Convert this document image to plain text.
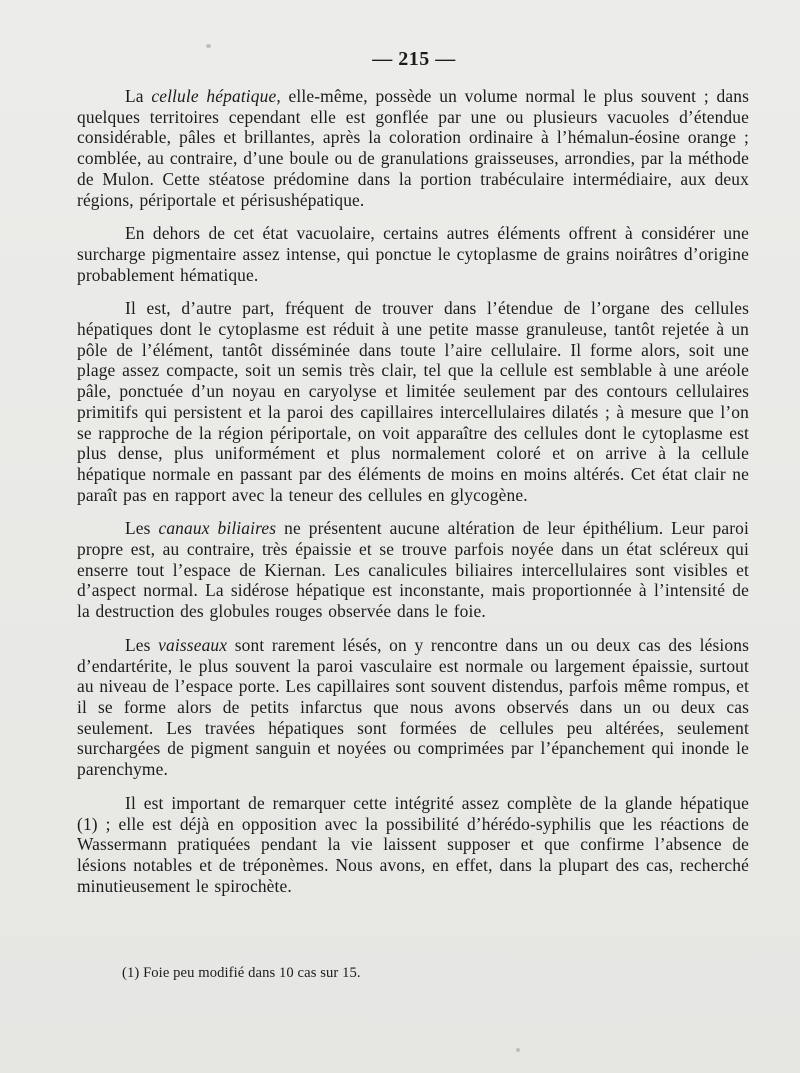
— 215 —

La cellule hépatique, elle-même, possède un volume normal le plus souvent ; dans quelques territoires cependant elle est gonflée par une ou plusieurs vacuoles d’étendue considérable, pâles et brillantes, après la coloration ordinaire à l’hémalun-éosine orange ; comblée, au contraire, d’une boule ou de granulations graisseuses, arrondies, par la méthode de Mulon. Cette stéatose prédomine dans la portion trabéculaire intermédiaire, aux deux régions, périportale et périsushépatique.

En dehors de cet état vacuolaire, certains autres éléments offrent à considérer une surcharge pigmentaire assez intense, qui ponctue le cytoplasme de grains noirâtres d’origine probablement hématique.

Il est, d’autre part, fréquent de trouver dans l’étendue de l’organe des cellules hépatiques dont le cytoplasme est réduit à une petite masse granuleuse, tantôt rejetée à un pôle de l’élément, tantôt disséminée dans toute l’aire cellulaire. Il forme alors, soit une plage assez compacte, soit un semis très clair, tel que la cellule est semblable à une aréole pâle, ponctuée d’un noyau en caryolyse et limitée seulement par des contours cellulaires primitifs qui persistent et la paroi des capillaires intercellulaires dilatés ; à mesure que l’on se rapproche de la région périportale, on voit apparaître des cellules dont le cytoplasme est plus dense, plus uniformément et plus normalement coloré et on arrive à la cellule hépatique normale en passant par des éléments de moins en moins altérés. Cet état clair ne paraît pas en rapport avec la teneur des cellules en glycogène.

Les canaux biliaires ne présentent aucune altération de leur épithélium. Leur paroi propre est, au contraire, très épaissie et se trouve parfois noyée dans un état scléreux qui enserre tout l’espace de Kiernan. Les canalicules biliaires intercellulaires sont visibles et d’aspect normal. La sidérose hépatique est inconstante, mais proportionnée à l’intensité de la destruction des globules rouges observée dans le foie.

Les vaisseaux sont rarement lésés, on y rencontre dans un ou deux cas des lésions d’endartérite, le plus souvent la paroi vasculaire est normale ou largement épaissie, surtout au niveau de l’espace porte. Les capillaires sont souvent distendus, parfois même rompus, et il se forme alors de petits infarctus que nous avons observés dans un ou deux cas seulement. Les travées hépatiques sont formées de cellules peu altérées, seulement surchargées de pigment sanguin et noyées ou comprimées par l’épanchement qui inonde le parenchyme.

Il est important de remarquer cette intégrité assez complète de la glande hépatique (1) ; elle est déjà en opposition avec la possibilité d’hérédo-syphilis que les réactions de Wassermann pratiquées pendant la vie laissent supposer et que confirme l’absence de lésions notables et de tréponèmes. Nous avons, en effet, dans la plupart des cas, recherché minutieusement le spirochète.

(1) Foie peu modifié dans 10 cas sur 15.
